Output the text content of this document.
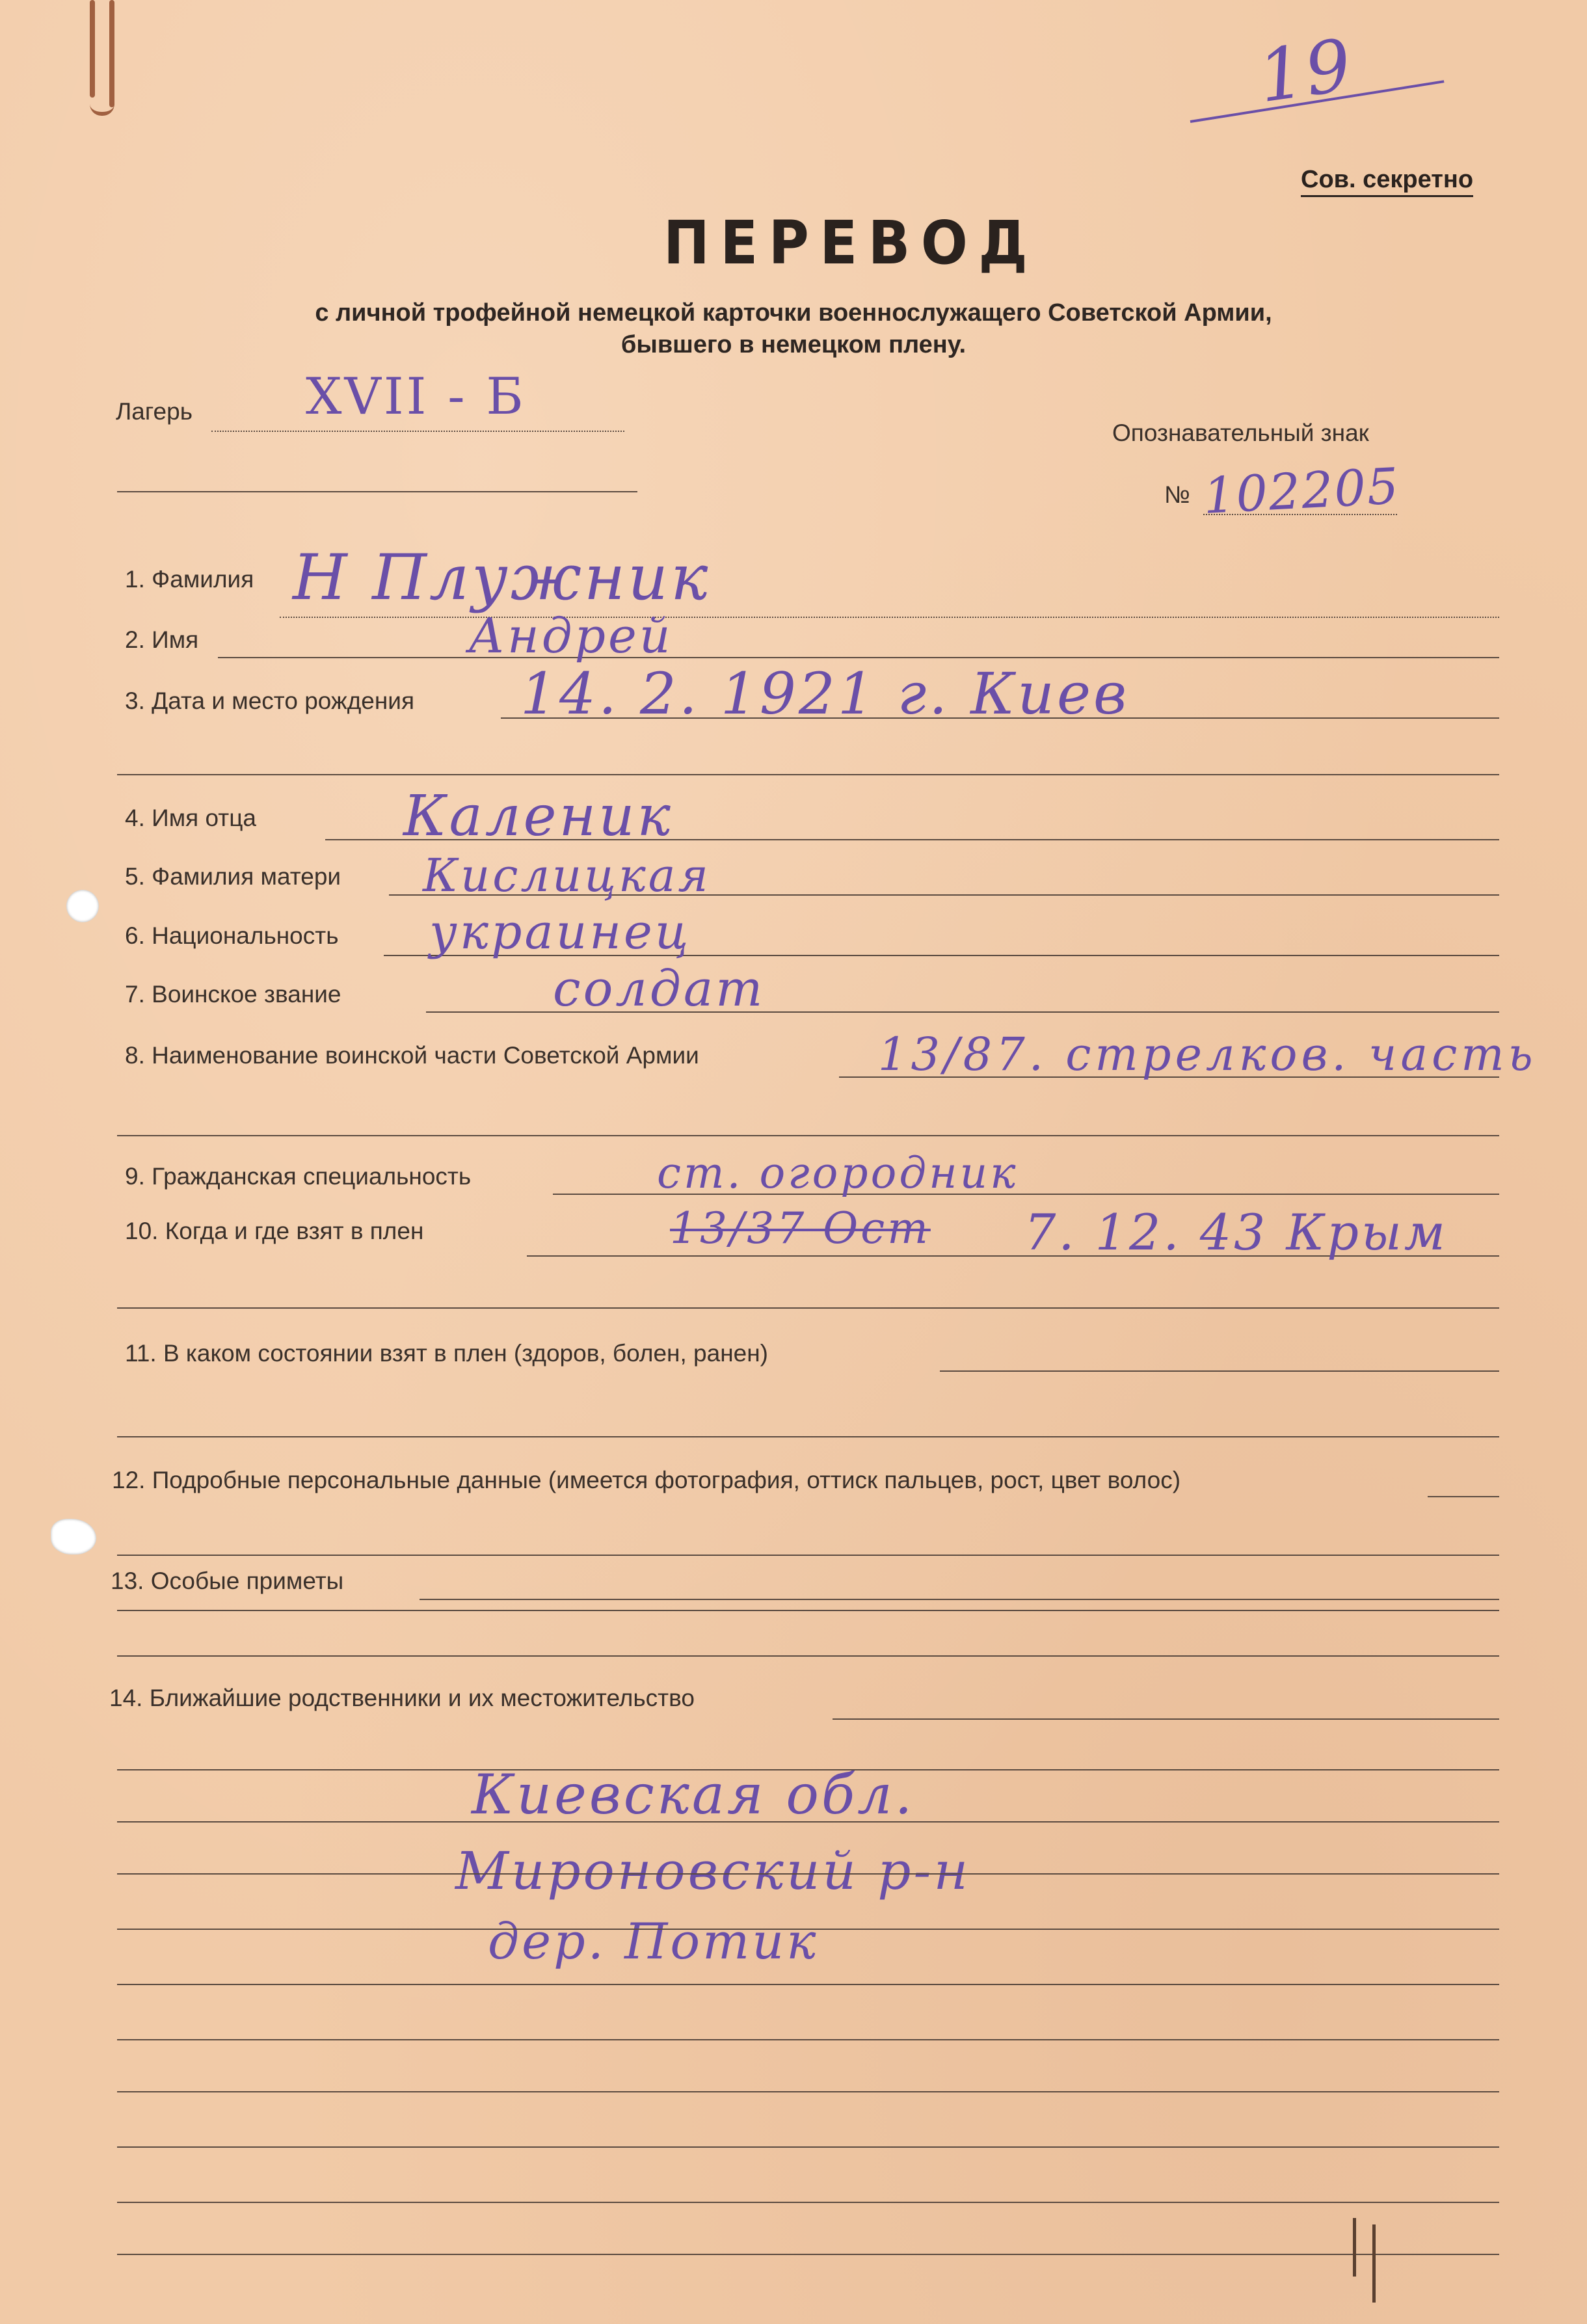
19
Сов. секретно
ПЕРЕВОД
с личной трофейной немецкой карточки военнослужащего Советской Армии,
бывшего в немецком плену.
Лагерь XVII - Б
Опознавательный знак
№ 102205
1. Фамилия Н Плужник
2. Имя	Андрей
3. Дата и место рождения 14. 2. 1921 г. Киев
4. Имя отца	Каленик
5. Фамилия матери Кислицкая
6. Национальность украинец
7. Воинское звание	солдат
8. Наименование воинской части Советской Армии	13/87. стрелков. часть
9. Гражданская специальность	ст. огородник
10. Когда и где взят в плен	13/37 Ост 7. 12. 43 Крым
11. В каком состоянии взят в плен (здоров, болен, ранен)
12. Подробные персональные данные (имеется фотография, оттиск пальцев, рост, цвет волос)
13. Особые приметы
14. Ближайшие родственники и их местожительство
Киевская обл.
Мироновский р-н
дер. Потик
